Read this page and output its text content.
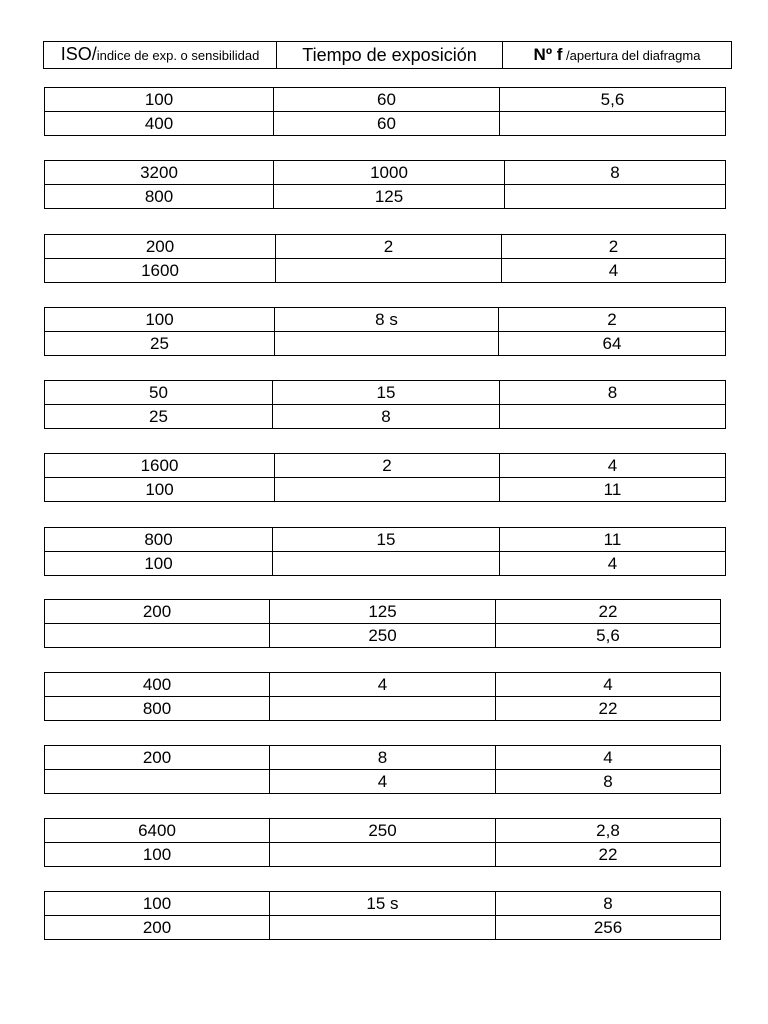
ISO/indice de exp. o sensibilidad	Tiempo de exposición	Nº f /apertura del diafragma
100	60	5,6
400	60	
3200	1000	8
800	125	
200	2	2
1600		4
100	8 s	2
25		64
50	15	8
25	8	
1600	2	4
100		11
800	15	11
100		4
200	125	22
	250	5,6
400	4	4
800		22
200	8	4
	4	8
6400	250	2,8
100		22
100	15 s	8
200		256
